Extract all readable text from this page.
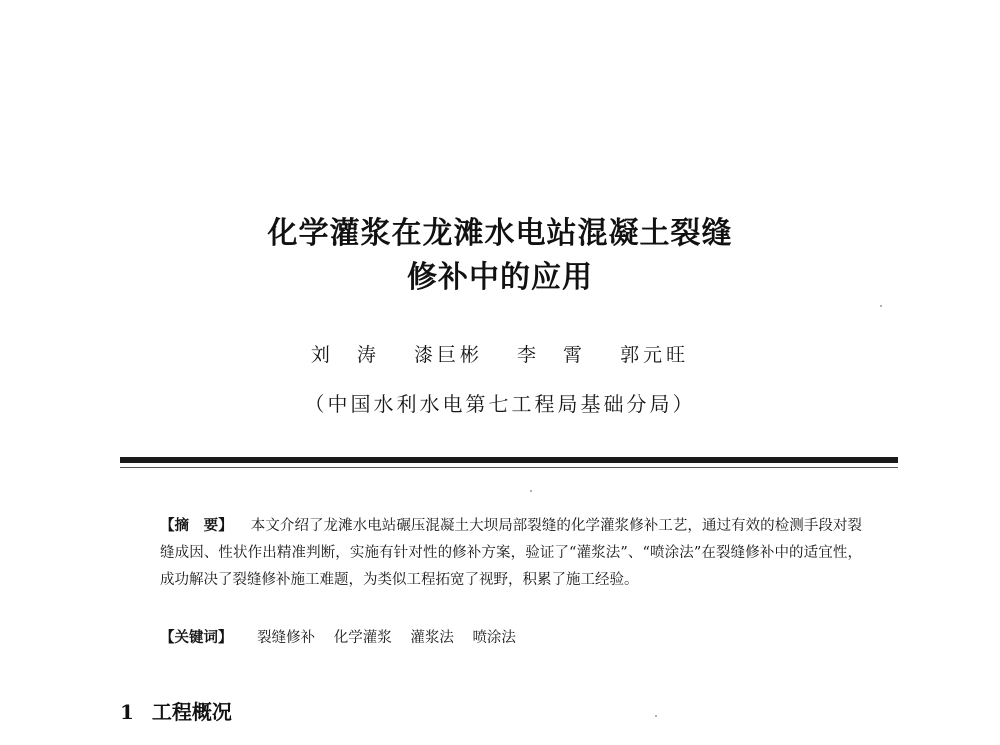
化学灌浆在龙滩水电站混凝土裂缝
修补中的应用
刘　涛 漆巨彬 李　霄 郭元旺
（中国水利水电第七工程局基础分局）
【摘　要】 本文介绍了龙滩水电站碾压混凝土大坝局部裂缝的化学灌浆修补工艺，通过有效的检测手段对裂缝成因、性状作出精准判断，实施有针对性的修补方案，验证了“灌浆法”、“喷涂法”在裂缝修补中的适宜性，成功解决了裂缝修补施工难题，为类似工程拓宽了视野，积累了施工经验。
【关键词】 裂缝修补 化学灌浆 灌浆法 喷涂法
1 工程概况
